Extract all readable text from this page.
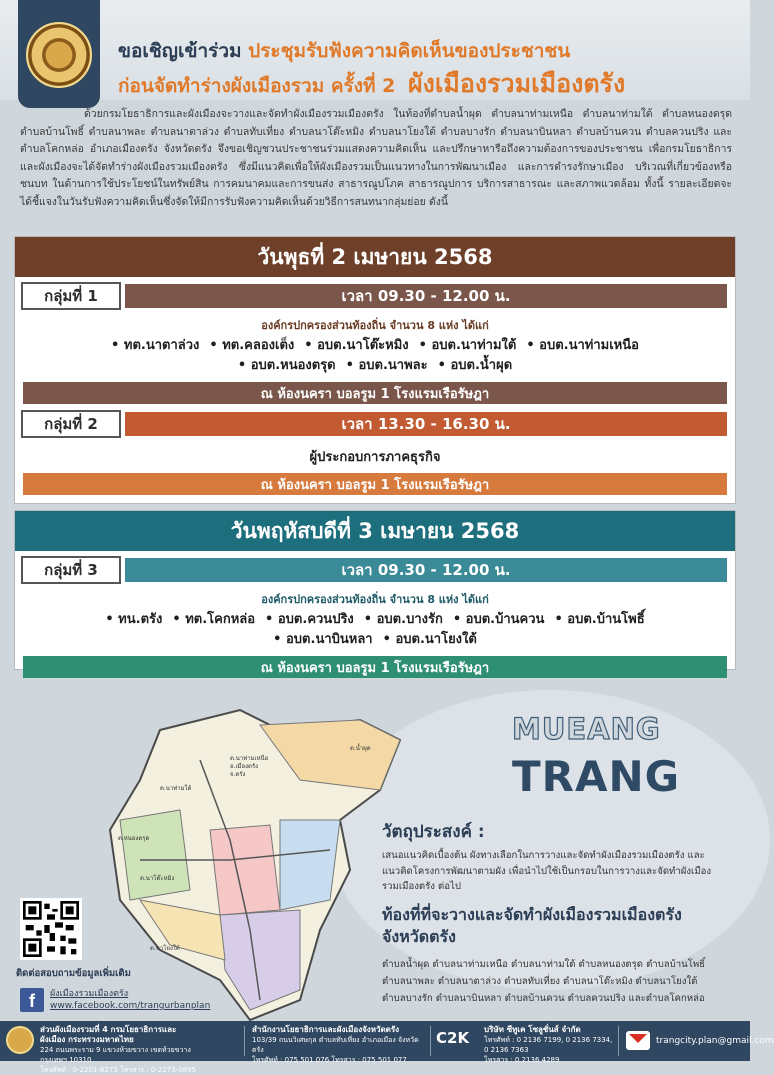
ขอเชิญเข้าร่วม ประชุมรับฟังความคิดเห็นของประชาชน
ก่อนจัดทำร่างผังเมืองรวม ครั้งที่ 2 ผังเมืองรวมเมืองตรัง

ด้วยกรมโยธาธิการและผังเมืองจะวางและจัดทำผังเมืองรวมเมืองตรัง ในท้องที่ตำบลน้ำผุด ตำบลนาท่ามเหนือ ตำบลนาท่ามใต้ ตำบลหนองตรุด ตำบลบ้านโพธิ์ ตำบลนาพละ ตำบลนาตาล่วง ตำบลทับเที่ยง ตำบลนาโต๊ะหมิง ตำบลนาโยงใต้ ตำบลบางรัก ตำบลนาบินหลา ตำบลบ้านควน ตำบลควนปริง และตำบลโคกหล่อ อำเภอเมืองตรัง จังหวัดตรัง จึงขอเชิญชวนประชาชนร่วมแสดงความคิดเห็น และปรึกษาหารือถึงความต้องการของประชาชน เพื่อกรมโยธาธิการและผังเมืองจะได้จัดทำร่างผังเมืองรวมเมืองตรัง ซึ่งมีแนวคิดเพื่อให้ผังเมืองรวมเป็นแนวทางในการพัฒนาเมือง และการดำรงรักษาเมือง บริเวณที่เกี่ยวข้องหรือชนบท ในด้านการใช้ประโยชน์ในทรัพย์สิน การคมนาคมและการขนส่ง สาธารณูปโภค สาธารณูปการ บริการสาธารณะ และสภาพแวดล้อม ทั้งนี้ รายละเอียดจะได้ชี้แจงในวันรับฟังความคิดเห็นซึ่งจัดให้มีการรับฟังความคิดเห็นด้วยวิธีการสนทนากลุ่มย่อย ดังนี้

วันพุธที่ 2 เมษายน 2568
กลุ่มที่ 1	เวลา 09.30 - 12.00 น.
องค์กรปกครองส่วนท้องถิ่น จำนวน 8 แห่ง ได้แก่
• ทต.นาตาล่วง	• ทต.คลองเต็ง	• อบต.นาโต๊ะหมิง	• อบต.นาท่ามใต้	• อบต.นาท่ามเหนือ
• อบต.หนองตรุด	• อบต.นาพละ	• อบต.น้ำผุด
ณ ห้องนครา บอลรูม 1 โรงแรมเรือรัษฎา
กลุ่มที่ 2	เวลา 13.30 - 16.30 น.
ผู้ประกอบการภาคธุรกิจ
ณ ห้องนครา บอลรูม 1 โรงแรมเรือรัษฎา
วันพฤหัสบดีที่ 3 เมษายน 2568
กลุ่มที่ 3	เวลา 09.30 - 12.00 น.
องค์กรปกครองส่วนท้องถิ่น จำนวน 8 แห่ง ได้แก่
• ทน.ตรัง	• ทต.โคกหล่อ	• อบต.ควนปริง	• อบต.บางรัก	• อบต.บ้านควน	• อบต.บ้านโพธิ์
• อบต.นาบินหลา	• อบต.นาโยงใต้
ณ ห้องนครา บอลรูม 1 โรงแรมเรือรัษฎา
ต.น้ำผุด
ต.นาท่ามเหนือ
อ.เมืองตรัง
จ.ตรัง
ต.นาท่ามใต้
ต.หนองตรุด
ต.นาโต๊ะหมิง
ต.นาโยงใต้
MUEANG
TRANG
วัตถุประสงค์ :
เสนอแนวคิดเบื้องต้น ผังทางเลือกในการวางและจัดทำผังเมืองรวมเมืองตรัง และแนวคิดโครงการพัฒนาตามผัง เพื่อนำไปใช้เป็นกรอบในการวางและจัดทำผังเมืองรวมเมืองตรัง ต่อไป
ท้องที่ที่จะวางและจัดทำผังเมืองรวมเมืองตรัง จังหวัดตรัง
ตำบลน้ำผุด ตำบลนาท่ามเหนือ ตำบลนาท่ามใต้ ตำบลหนองตรุด ตำบลบ้านโพธิ์ ตำบลนาพละ ตำบลนาตาล่วง ตำบลทับเที่ยง ตำบลนาโต๊ะหมิง ตำบลนาโยงใต้ ตำบลบางรัก ตำบลนาบินหลา ตำบลบ้านควน ตำบลควนปริง และตำบลโคกหล่อ
ติดต่อสอบถามข้อมูลเพิ่มเติม
f	ผังเมืองรวมเมืองตรัง
www.facebook.com/trangurbanplan
ส่วนผังเมืองรวมที่ 4 กรมโยธาธิการและผังเมือง กระทรวงมหาดไทย
224 ถนนพระราม 9 แขวงห้วยขวาง เขตห้วยขวาง กรุงเทพฯ 10310
โทรศัพท์ : 0-2201-8273 โทรสาร : 0-2273-0895
สำนักงานโยธาธิการและผังเมืองจังหวัดตรัง
103/39 ถนนวิเศษกุล ตำบลทับเที่ยง อำเภอเมือง จังหวัดตรัง
โทรศัพท์ : 075 501 076 โทรสาร : 075 501 077
C2K บริษัท ซีทูเค โซลูชั่นส์ จำกัด
โทรศัพท์ : 0 2136 7199, 0 2136 7334, 0 2136 7363
โทรสาร : 0 2136 4289
trangcity.plan@gmail.com
